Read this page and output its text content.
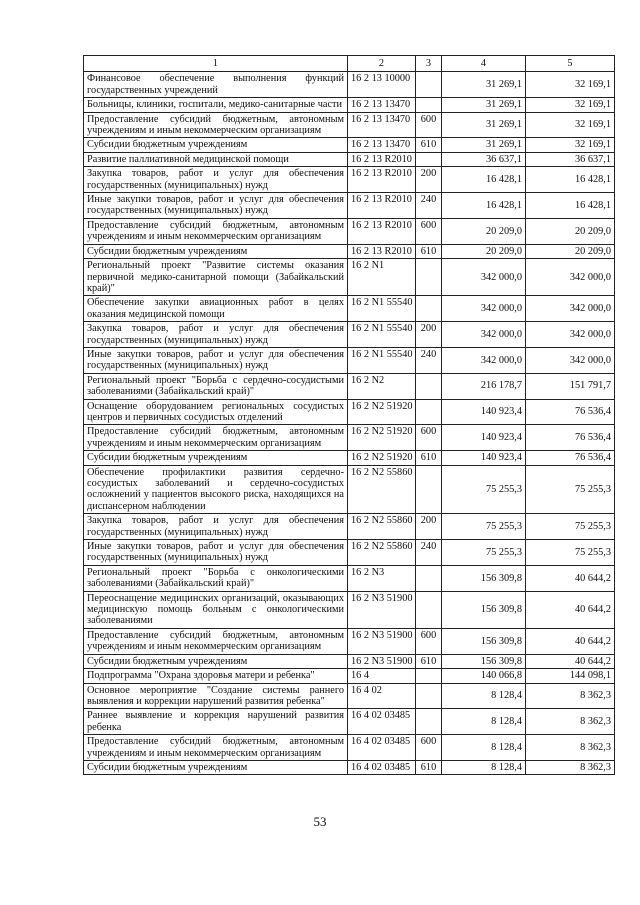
1	2	3	4	5
Финансовое обеспечение выполнения функций государственных учреждений	16 2 13 10000		31 269,1	32 169,1
Больницы, клиники, госпитали, медико-санитарные части	16 2 13 13470		31 269,1	32 169,1
Предоставление субсидий бюджетным, автономным учреждениям и иным некоммерческим организациям	16 2 13 13470	600	31 269,1	32 169,1
Субсидии бюджетным учреждениям	16 2 13 13470	610	31 269,1	32 169,1
Развитие паллиативной медицинской помощи	16 2 13 R2010		36 637,1	36 637,1
Закупка товаров, работ и услуг для обеспечения государственных (муниципальных) нужд	16 2 13 R2010	200	16 428,1	16 428,1
Иные закупки товаров, работ и услуг для обеспечения государственных (муниципальных) нужд	16 2 13 R2010	240	16 428,1	16 428,1
Предоставление субсидий бюджетным, автономным учреждениям и иным некоммерческим организациям	16 2 13 R2010	600	20 209,0	20 209,0
Субсидии бюджетным учреждениям	16 2 13 R2010	610	20 209,0	20 209,0
Региональный проект "Развитие системы оказания первичной медико-санитарной помощи (Забайкальский край)"	16 2 N1		342 000,0	342 000,0
Обеспечение закупки авиационных работ в целях оказания медицинской помощи	16 2 N1 55540		342 000,0	342 000,0
Закупка товаров, работ и услуг для обеспечения государственных (муниципальных) нужд	16 2 N1 55540	200	342 000,0	342 000,0
Иные закупки товаров, работ и услуг для обеспечения государственных (муниципальных) нужд	16 2 N1 55540	240	342 000,0	342 000,0
Региональный проект "Борьба с сердечно-сосудистыми заболеваниями (Забайкальский край)"	16 2 N2		216 178,7	151 791,7
Оснащение оборудованием региональных сосудистых центров и первичных сосудистых отделений	16 2 N2 51920		140 923,4	76 536,4
Предоставление субсидий бюджетным, автономным учреждениям и иным некоммерческим организациям	16 2 N2 51920	600	140 923,4	76 536,4
Субсидии бюджетным учреждениям	16 2 N2 51920	610	140 923,4	76 536,4
Обеспечение профилактики развития сердечно-сосудистых заболеваний и сердечно-сосудистых осложнений у пациентов высокого риска, находящихся на диспансерном наблюдении	16 2 N2 55860		75 255,3	75 255,3
Закупка товаров, работ и услуг для обеспечения государственных (муниципальных) нужд	16 2 N2 55860	200	75 255,3	75 255,3
Иные закупки товаров, работ и услуг для обеспечения государственных (муниципальных) нужд	16 2 N2 55860	240	75 255,3	75 255,3
Региональный проект "Борьба с онкологическими заболеваниями (Забайкальский край)"	16 2 N3		156 309,8	40 644,2
Переоснащение медицинских организаций, оказывающих медицинскую помощь больным с онкологическими заболеваниями	16 2 N3 51900		156 309,8	40 644,2
Предоставление субсидий бюджетным, автономным учреждениям и иным некоммерческим организациям	16 2 N3 51900	600	156 309,8	40 644,2
Субсидии бюджетным учреждениям	16 2 N3 51900	610	156 309,8	40 644,2
Подпрограмма "Охрана здоровья матери и ребенка"	16 4		140 066,8	144 098,1
Основное мероприятие "Создание системы раннего выявления и коррекции нарушений развития ребенка"	16 4 02		8 128,4	8 362,3
Раннее выявление и коррекция нарушений развития ребенка	16 4 02 03485		8 128,4	8 362,3
Предоставление субсидий бюджетным, автономным учреждениям и иным некоммерческим организациям	16 4 02 03485	600	8 128,4	8 362,3
Субсидии бюджетным учреждениям	16 4 02 03485	610	8 128,4	8 362,3
53
